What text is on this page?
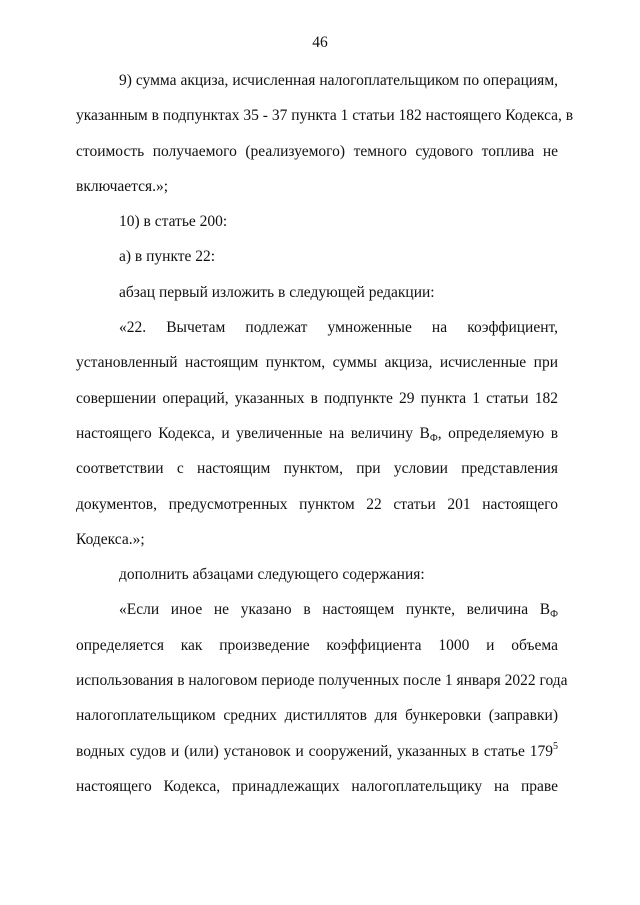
46
9) сумма акциза, исчисленная налогоплательщиком по операциям,
указанным в подпунктах 35 - 37 пункта 1 статьи 182 настоящего Кодекса, в
стоимость получаемого (реализуемого) темного судового топлива не
включается.»;
10) в статье 200:
а) в пункте 22:
абзац первый изложить в следующей редакции:
«22. Вычетам подлежат умноженные на коэффициент,
установленный настоящим пунктом, суммы акциза, исчисленные при
совершении операций, указанных в подпункте 29 пункта 1 статьи 182
настоящего Кодекса, и увеличенные на величину $В_Ф$, определяемую в
соответствии с настоящим пунктом, при условии представления
документов, предусмотренных пунктом 22 статьи 201 настоящего
Кодекса.»;
дополнить абзацами следующего содержания:
«Если иное не указано в настоящем пункте, величина $В_Ф$
определяется как произведение коэффициента 1000 и объема
использования в налоговом периоде полученных после 1 января 2022 года
налогоплательщиком средних дистиллятов для бункеровки (заправки)
водных судов и (или) установок и сооружений, указанных в статье $179^5$
настоящего Кодекса, принадлежащих налогоплательщику на праве
